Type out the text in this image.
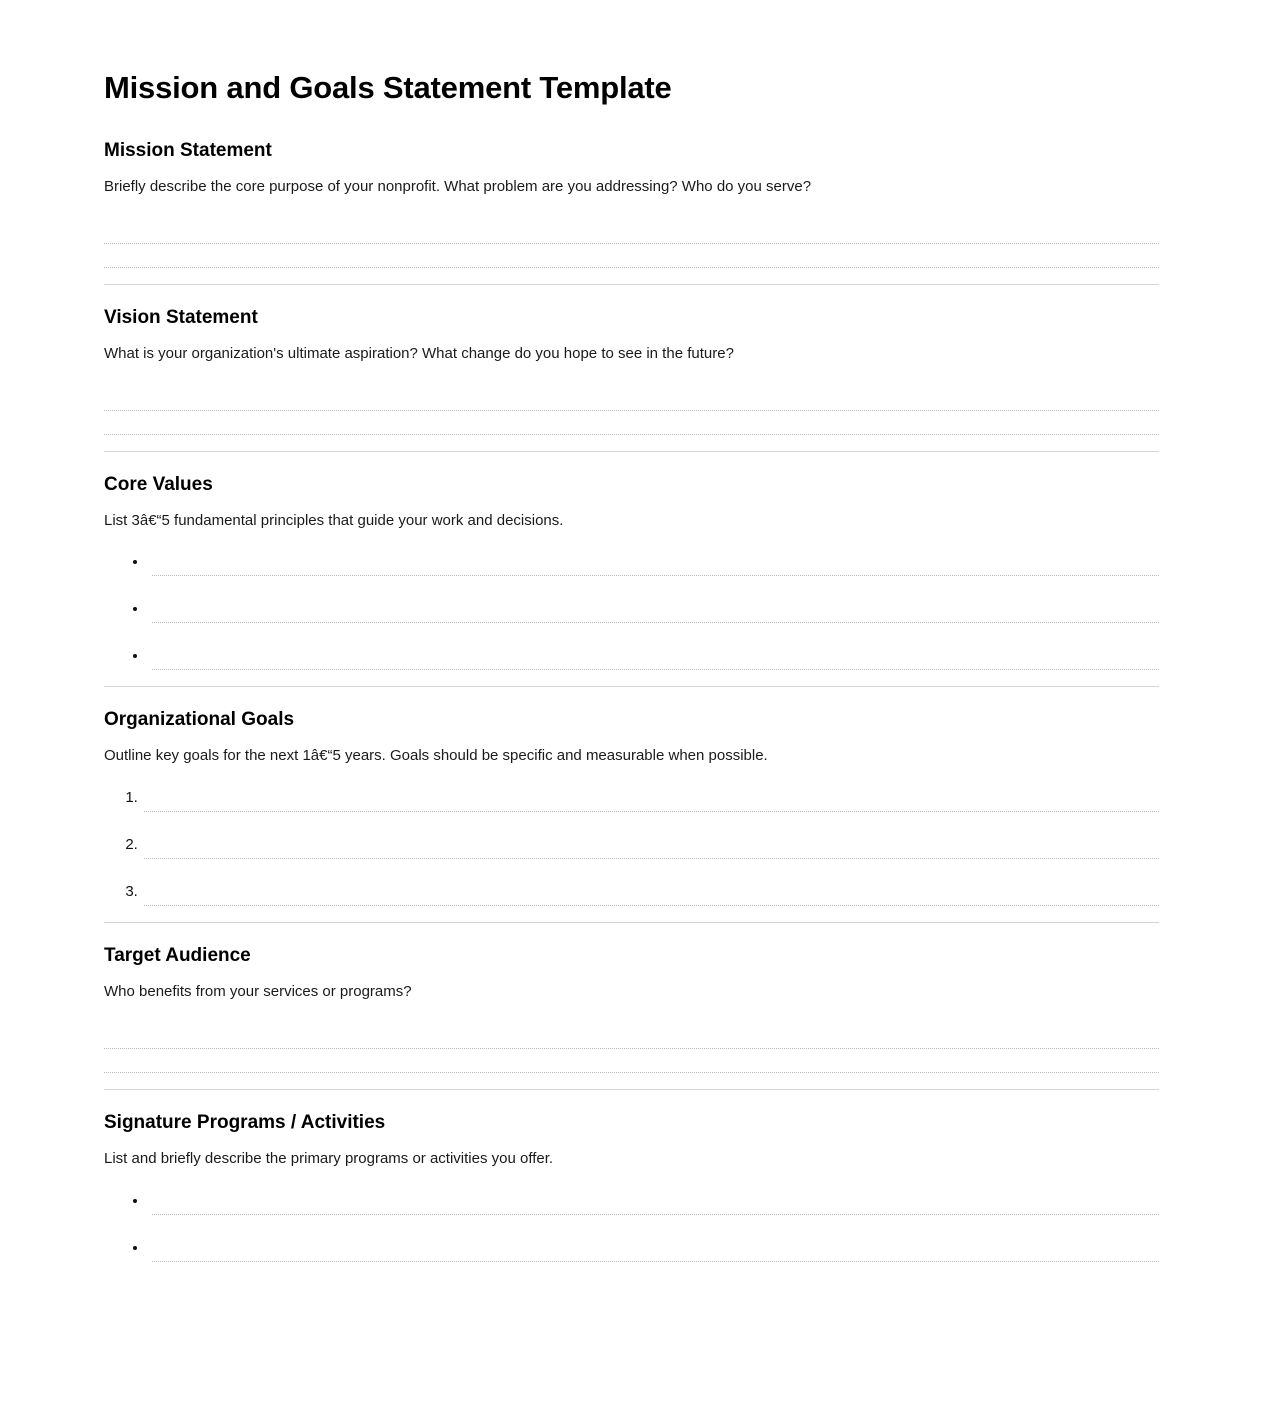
Mission and Goals Statement Template
Mission Statement

Briefly describe the core purpose of your nonprofit. What problem are you addressing? Who do you serve?

Vision Statement

What is your organization's ultimate aspiration? What change do you hope to see in the future?

Core Values

List 3â€“5 fundamental principles that guide your work and decisions.

•
•
•
Organizational Goals

Outline key goals for the next 1â€“5 years. Goals should be specific and measurable when possible.

1.
2.
3.
Target Audience

Who benefits from your services or programs?

Signature Programs / Activities

List and briefly describe the primary programs or activities you offer.

•
•
